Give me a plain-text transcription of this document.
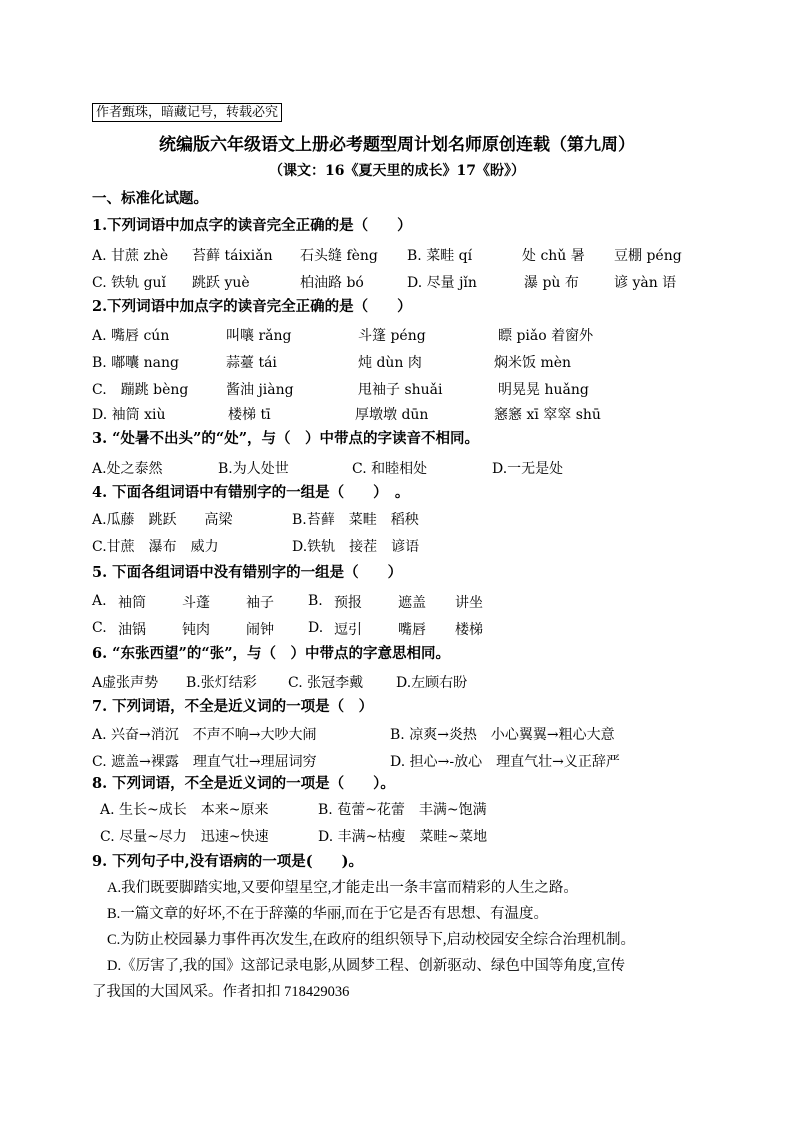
作者甄珠，暗藏记号，转载必究
统编版六年级语文上册必考题型周计划名师原创连载（第九周）
（课文：16《夏天里的成长》17《盼》）
一、标准化试题。
1.下列词语中加点字的读音完全正确的是（　　）
A. 甘蔗 zhè 苔藓 táixiǎn 石头缝 fèng B. 菜畦 qí	处 chǔ 暑 豆棚 péng
C. 铁轨 guǐ 跳跃 yuè	柏油路 bó	D. 尽量 jǐn	瀑 pù 布	谚 yàn 语
2.下列词语中加点字的读音完全正确的是（　　）
A. 嘴唇 cún	叫嚷 rǎng	斗篷 péng	瞟 piǎo 着窗外
B. 嘟囔 nang	蒜薹 tái	炖 dùn 肉	焖米饭 mèn
C.　蹦跳 bèng	酱油 jiàng	甩袖子 shuǎi	明晃晃 huǎng
D. 袖筒 xiù	楼梯 tī	厚墩墩 dūn	窸窸 xī 窣窣 shū
3. “处暑不出头”的“处”，与（　）中带点的字读音不相同。
A.处之泰然	B.为人处世	C. 和睦相处	D.一无是处
4. 下面各组词语中有错别字的一组是（　　）　。
A.瓜藤　跳跃　　高梁	B.苔藓　菜畦　稻秧
C.甘蔗　瀑布　威力	D.铁轨　接茬　谚语
5. 下面各组词语中没有错别字的一组是（　　）
A. 袖筒	斗蓬	袖子 B. 预报	遮盖 讲坐
C. 油锅	钝肉	闹钟 D. 逗引	嘴唇 楼梯
6. “东张西望”的“张”，与（　）中带点的字意思相同。
A虚张声势 B.张灯结彩 C. 张冠李戴 D.左顾右盼
7. 下列词语，不全是近义词的一项是（　）
A. 兴奋→消沉　不声不响→大吵大闹	B. 凉爽→炎热　小心翼翼→粗心大意
C. 遮盖→裸露　理直气壮→理屈词穷	D. 担心→-放心　理直气壮→义正辞严
8. 下列词语，不全是近义词的一项是（　　）。
A. 生长~成长　本来~原来	B. 苞蕾~花蕾　丰满~饱满
C. 尽量~尽力　迅速~快速	D. 丰满~枯瘦　菜畦~菜地
9. 下列句子中,没有语病的一项是(　　)。
A.我们既要脚踏实地,又要仰望星空,才能走出一条丰富而精彩的人生之路。
B.一篇文章的好坏,不在于辞藻的华丽,而在于它是否有思想、有温度。
C.为防止校园暴力事件再次发生,在政府的组织领导下,启动校园安全综合治理机制。
D.《厉害了,我的国》这部记录电影,从圆梦工程、创新驱动、绿色中国等角度,宣传
了我国的大国风采。作者扣扣 718429036
